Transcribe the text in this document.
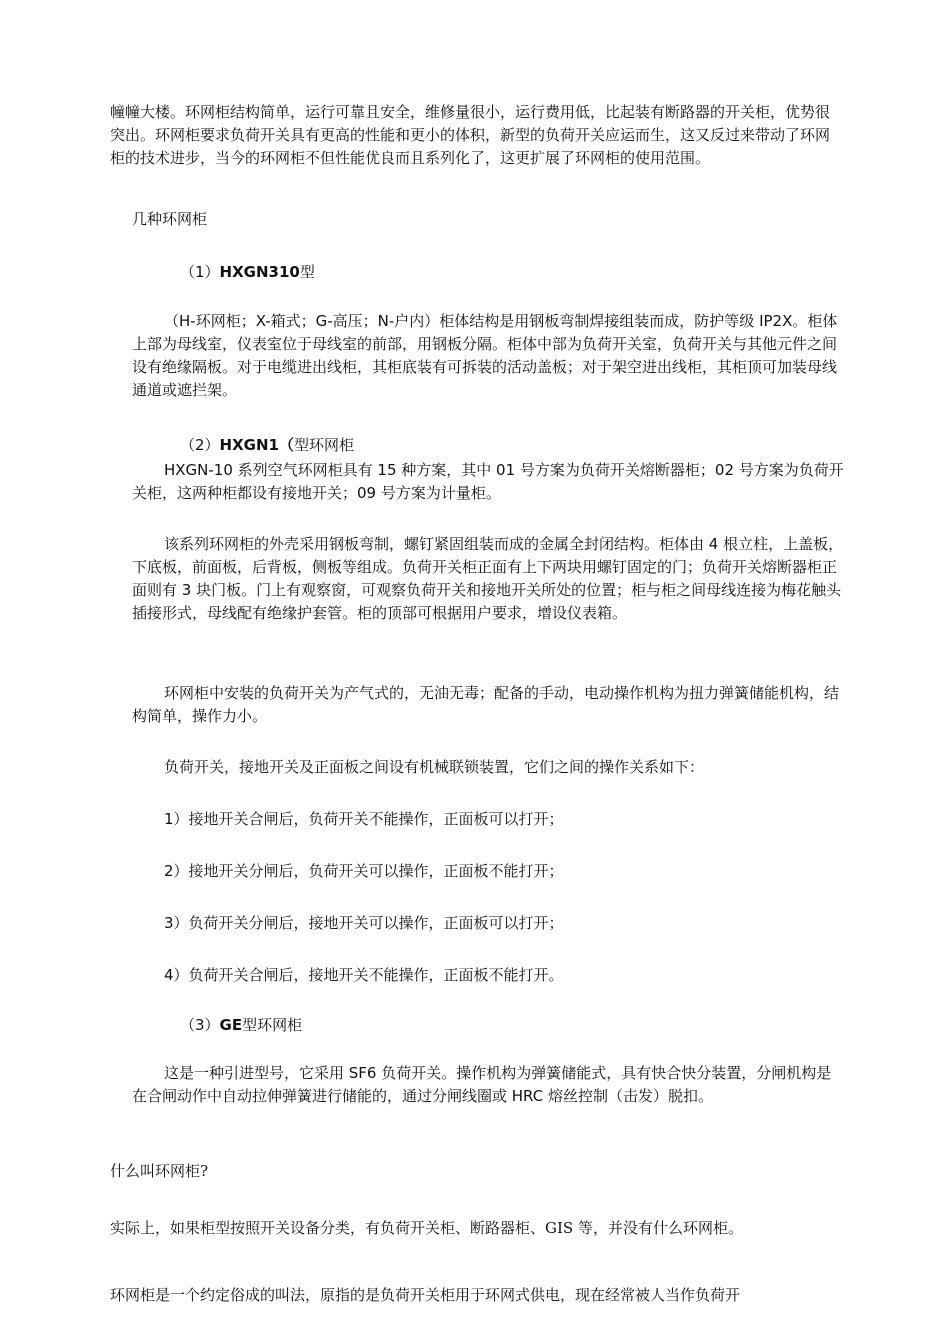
幢幢大楼。环网柜结构简单，运行可靠且安全，维修量很小，运行费用低，比起装有断路器的开关柜，优势很突出。环网柜要求负荷开关具有更高的性能和更小的体积，新型的负荷开关应运而生，这又反过来带动了环网柜的技术进步，当今的环网柜不但性能优良而且系列化了，这更扩展了环网柜的使用范围。

几种环网柜

（1）HXGN310型

（H-环网柜；X-箱式；G-高压；N-户内）柜体结构是用钢板弯制焊接组装而成，防护等级 IP2X。柜体上部为母线室，仪表室位于母线室的前部，用钢板分隔。柜体中部为负荷开关室，负荷开关与其他元件之间设有绝缘隔板。对于电缆进出线柜，其柜底装有可拆装的活动盖板；对于架空进出线柜，其柜顶可加装母线通道或遮拦架。

（2）HXGN1（型环网柜

HXGN-10 系列空气环网柜具有 15 种方案，其中 01 号方案为负荷开关熔断器柜；02 号方案为负荷开关柜，这两种柜都设有接地开关；09 号方案为计量柜。

该系列环网柜的外壳采用钢板弯制，螺钉紧固组装而成的金属全封闭结构。柜体由 4 根立柱，上盖板，下底板，前面板，后背板，侧板等组成。负荷开关柜正面有上下两块用螺钉固定的门；负荷开关熔断器柜正面则有 3 块门板。门上有观察窗，可观察负荷开关和接地开关所处的位置；柜与柜之间母线连接为梅花触头插接形式，母线配有绝缘护套管。柜的顶部可根据用户要求，增设仪表箱。

环网柜中安装的负荷开关为产气式的，无油无毒；配备的手动，电动操作机构为扭力弹簧储能机构，结构简单，操作力小。

负荷开关，接地开关及正面板之间设有机械联锁装置，它们之间的操作关系如下：

1）接地开关合闸后，负荷开关不能操作，正面板可以打开；

2）接地开关分闸后，负荷开关可以操作，正面板不能打开；

3）负荷开关分闸后，接地开关可以操作，正面板可以打开；

4）负荷开关合闸后，接地开关不能操作，正面板不能打开。

（3）GE型环网柜

这是一种引进型号，它采用 SF6 负荷开关。操作机构为弹簧储能式，具有快合快分装置，分闸机构是在合闸动作中自动拉伸弹簧进行储能的，通过分闸线圈或 HRC 熔丝控制（击发）脱扣。

什么叫环网柜?

实际上，如果柜型按照开关设备分类，有负荷开关柜、断路器柜、GIS 等，并没有什么环网柜。

环网柜是一个约定俗成的叫法，原指的是负荷开关柜用于环网式供电，现在经常被人当作负荷开
